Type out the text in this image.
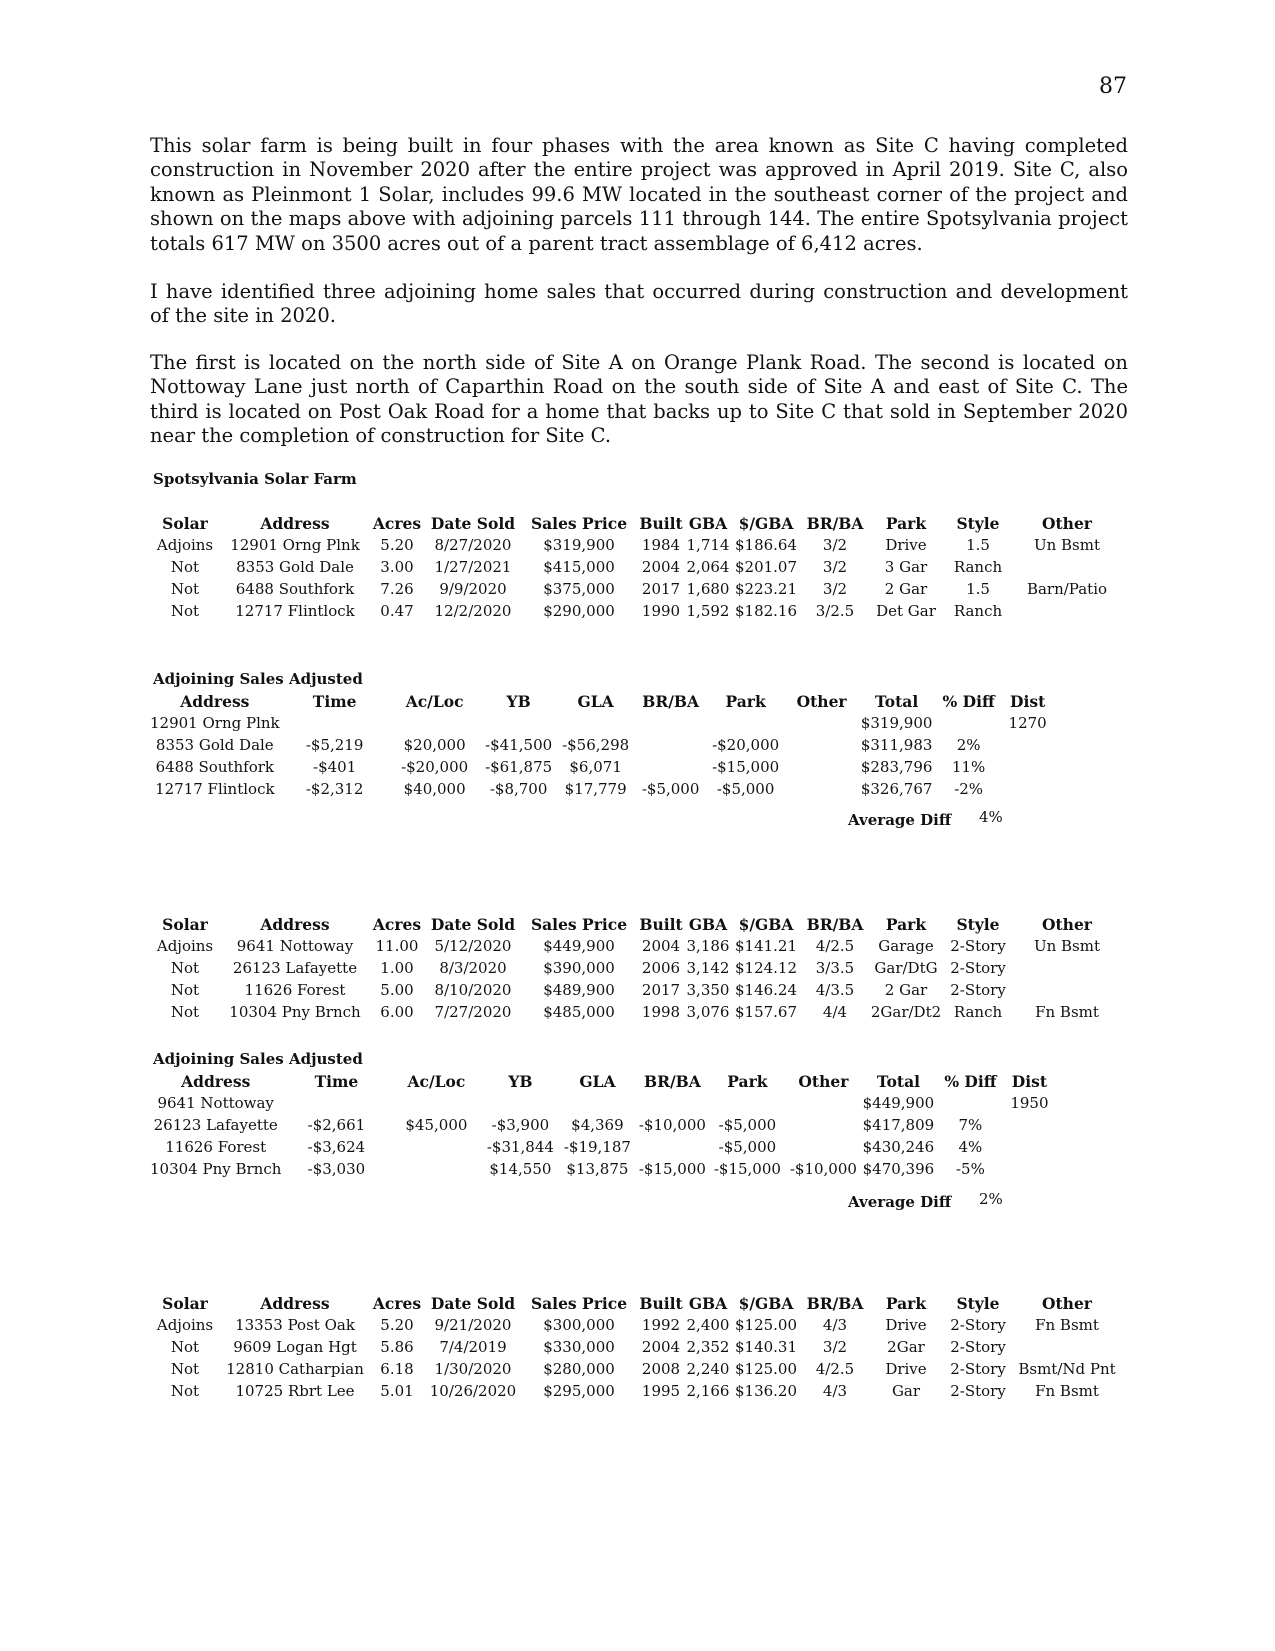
87

This solar farm is being built in four phases with the area known as Site C having completed construction in November 2020 after the entire project was approved in April 2019. Site C, also known as Pleinmont 1 Solar, includes 99.6 MW located in the southeast corner of the project and shown on the maps above with adjoining parcels 111 through 144. The entire Spotsylvania project totals 617 MW on 3500 acres out of a parent tract assemblage of 6,412 acres.

I have identified three adjoining home sales that occurred during construction and development of the site in 2020.

The first is located on the north side of Site A on Orange Plank Road. The second is located on Nottoway Lane just north of Caparthin Road on the south side of Site A and east of Site C. The third is located on Post Oak Road for a home that backs up to Site C that sold in September 2020 near the completion of construction for Site C.

Spotsylvania Solar Farm
Solar	Address	Acres	Date Sold	Sales Price	Built	GBA	$/GBA	BR/BA	Park	Style	Other
Adjoins	12901 Orng Plnk	5.20	8/27/2020	$319,900	1984	1,714	$186.64	3/2	Drive	1.5	Un Bsmt
Not	8353 Gold Dale	3.00	1/27/2021	$415,000	2004	2,064	$201.07	3/2	3 Gar	Ranch	
Not	6488 Southfork	7.26	9/9/2020	$375,000	2017	1,680	$223.21	3/2	2 Gar	1.5	Barn/Patio
Not	12717 Flintlock	0.47	12/2/2020	$290,000	1990	1,592	$182.16	3/2.5	Det Gar	Ranch	
Adjoining Sales Adjusted
Address	Time	Ac/Loc	YB	GLA	BR/BA	Park	Other	Total	% Diff	Dist
12901 Orng Plnk								$319,900		1270
8353 Gold Dale	-$5,219	$20,000	-$41,500	-$56,298		-$20,000		$311,983	2%	
6488 Southfork	-$401	-$20,000	-$61,875	$6,071		-$15,000		$283,796	11%	
12717 Flintlock	-$2,312	$40,000	-$8,700	$17,779	-$5,000	-$5,000		$326,767	-2%	
Average Diff 4%
Solar	Address	Acres	Date Sold	Sales Price	Built	GBA	$/GBA	BR/BA	Park	Style	Other
Adjoins	9641 Nottoway	11.00	5/12/2020	$449,900	2004	3,186	$141.21	4/2.5	Garage	2-Story	Un Bsmt
Not	26123 Lafayette	1.00	8/3/2020	$390,000	2006	3,142	$124.12	3/3.5	Gar/DtG	2-Story	
Not	11626 Forest	5.00	8/10/2020	$489,900	2017	3,350	$146.24	4/3.5	2 Gar	2-Story	
Not	10304 Pny Brnch	6.00	7/27/2020	$485,000	1998	3,076	$157.67	4/4	2Gar/Dt2	Ranch	Fn Bsmt
Adjoining Sales Adjusted
Address	Time	Ac/Loc	YB	GLA	BR/BA	Park	Other	Total	% Diff	Dist
9641 Nottoway								$449,900		1950
26123 Lafayette	-$2,661	$45,000	-$3,900	$4,369	-$10,000	-$5,000		$417,809	7%	
11626 Forest	-$3,624		-$31,844	-$19,187		-$5,000		$430,246	4%	
10304 Pny Brnch	-$3,030		$14,550	$13,875	-$15,000	-$15,000	-$10,000	$470,396	-5%	
Average Diff 2%
Solar	Address	Acres	Date Sold	Sales Price	Built	GBA	$/GBA	BR/BA	Park	Style	Other
Adjoins	13353 Post Oak	5.20	9/21/2020	$300,000	1992	2,400	$125.00	4/3	Drive	2-Story	Fn Bsmt
Not	9609 Logan Hgt	5.86	7/4/2019	$330,000	2004	2,352	$140.31	3/2	2Gar	2-Story	
Not	12810 Catharpian	6.18	1/30/2020	$280,000	2008	2,240	$125.00	4/2.5	Drive	2-Story	Bsmt/Nd Pnt
Not	10725 Rbrt Lee	5.01	10/26/2020	$295,000	1995	2,166	$136.20	4/3	Gar	2-Story	Fn Bsmt
